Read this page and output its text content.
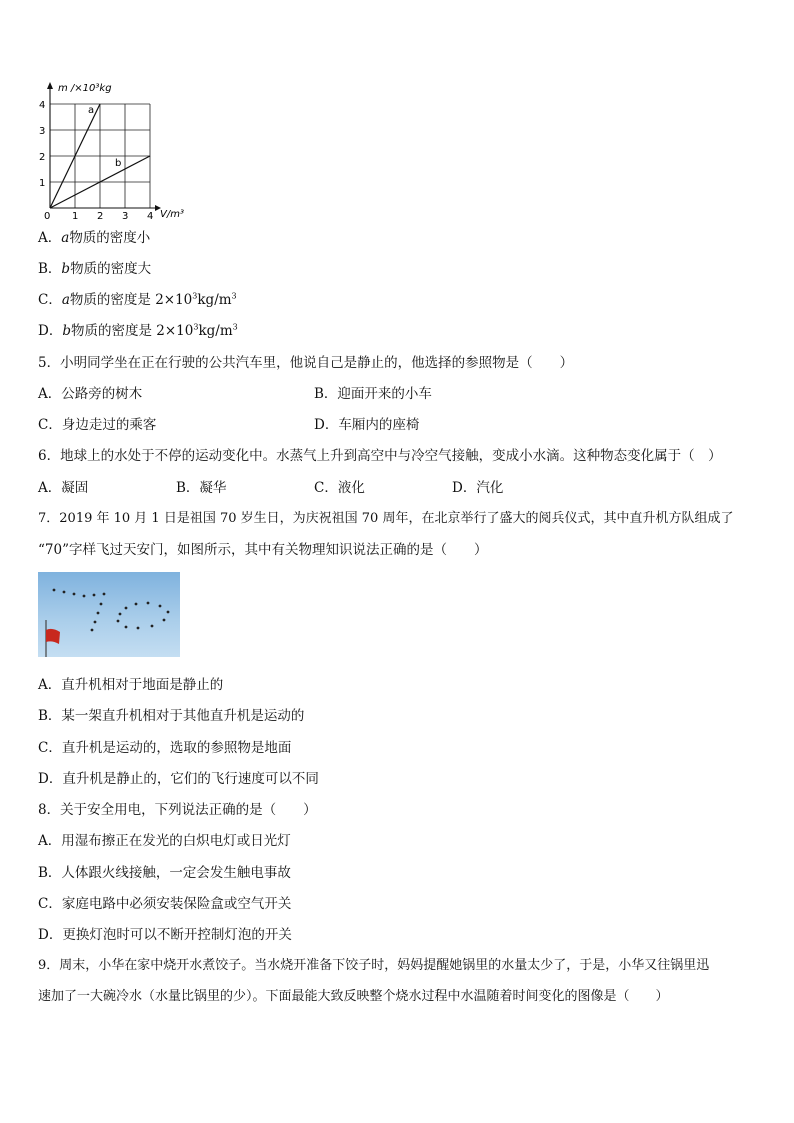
m /×10³kg
V/m³
0 1 2 3 4
1
2
3
4	a
b
A．a物质的密度小
B．b物质的密度大
C．a物质的密度是 $2\times 10^3kg/m^3$
D．b物质的密度是 $2\times 10^3kg/m^3$
5．小明同学坐在正在行驶的公共汽车里，他说自己是静止的，他选择的参照物是（　　）
A．公路旁的树木	B．迎面开来的小车
C．身边走过的乘客	D．车厢内的座椅
6．地球上的水处于不停的运动变化中。水蒸气上升到高空中与冷空气接触，变成小水滴。这种物态变化属于（　）
A．凝固	B．凝华	C．液化	D．汽化
7．2019 年 10 月 1 日是祖国 70 岁生日，为庆祝祖国 70 周年，在北京举行了盛大的阅兵仪式，其中直升机方队组成了
“70”字样飞过天安门，如图所示，其中有关物理知识说法正确的是（　　）
A．直升机相对于地面是静止的
B．某一架直升机相对于其他直升机是运动的
C．直升机是运动的，选取的参照物是地面
D．直升机是静止的，它们的飞行速度可以不同
8．关于安全用电，下列说法正确的是（　　）
A．用湿布擦正在发光的白炽电灯或日光灯
B．人体跟火线接触，一定会发生触电事故
C．家庭电路中必须安装保险盒或空气开关
D．更换灯泡时可以不断开控制灯泡的开关
9．周末，小华在家中烧开水煮饺子。当水烧开准备下饺子时，妈妈提醒她锅里的水量太少了，于是，小华又往锅里迅
速加了一大碗冷水（水量比锅里的少）。下面最能大致反映整个烧水过程中水温随着时间变化的图像是（　　）
